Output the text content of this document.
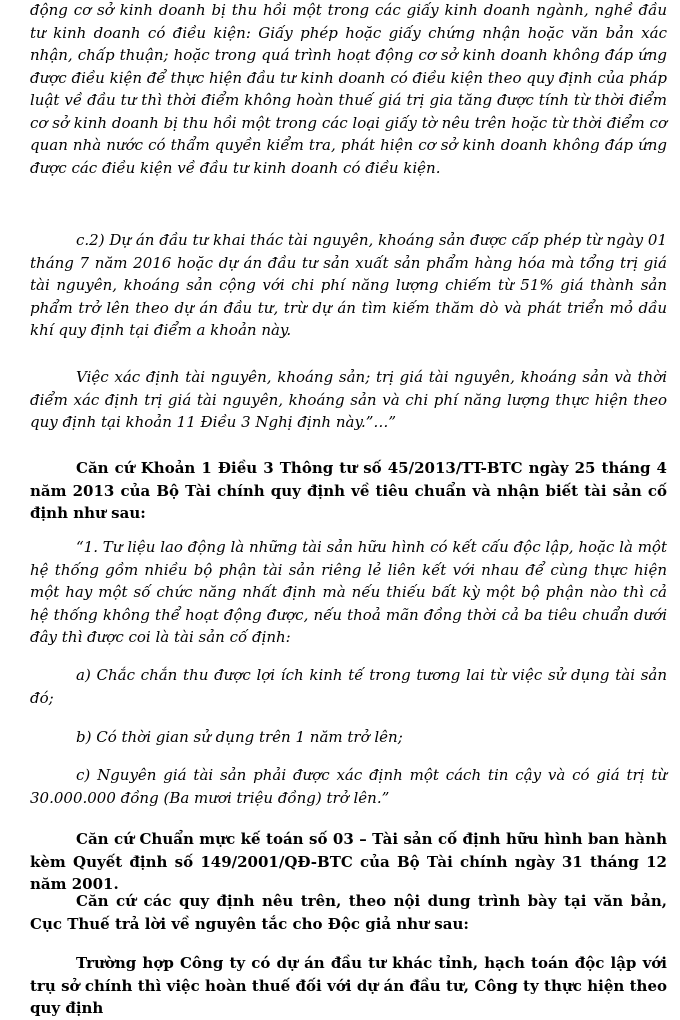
động cơ sở kinh doanh bị thu hồi một trong các giấy kinh doanh ngành, nghề đầu tư kinh doanh có điều kiện: Giấy phép hoặc giấy chứng nhận hoặc văn bản xác nhận, chấp thuận; hoặc trong quá trình hoạt động cơ sở kinh doanh không đáp ứng được điều kiện để thực hiện đầu tư kinh doanh có điều kiện theo quy định của pháp luật về đầu tư thì thời điểm không hoàn thuế giá trị gia tăng được tính từ thời điểm cơ sở kinh doanh bị thu hồi một trong các loại giấy tờ nêu trên hoặc từ thời điểm cơ quan nhà nước có thẩm quyền kiểm tra, phát hiện cơ sở kinh doanh không đáp ứng được các điều kiện về đầu tư kinh doanh có điều kiện.

c.2) Dự án đầu tư khai thác tài nguyên, khoáng sản được cấp phép từ ngày 01 tháng 7 năm 2016 hoặc dự án đầu tư sản xuất sản phẩm hàng hóa mà tổng trị giá tài nguyên, khoáng sản cộng với chi phí năng lượng chiếm từ 51% giá thành sản phẩm trở lên theo dự án đầu tư, trừ dự án tìm kiếm thăm dò và phát triển mỏ dầu khí quy định tại điểm a khoản này.

Việc xác định tài nguyên, khoáng sản; trị giá tài nguyên, khoáng sản và thời điểm xác định trị giá tài nguyên, khoáng sản và chi phí năng lượng thực hiện theo quy định tại khoản 11 Điều 3 Nghị định này.”…”

Căn cứ Khoản 1 Điều 3 Thông tư số 45/2013/TT-BTC ngày 25 tháng 4 năm 2013 của Bộ Tài chính quy định về tiêu chuẩn và nhận biết tài sản cố định như sau:

“1. Tư liệu lao động là những tài sản hữu hình có kết cấu độc lập, hoặc là một hệ thống gồm nhiều bộ phận tài sản riêng lẻ liên kết với nhau để cùng thực hiện một hay một số chức năng nhất định mà nếu thiếu bất kỳ một bộ phận nào thì cả hệ thống không thể hoạt động được, nếu thoả mãn đồng thời cả ba tiêu chuẩn dưới đây thì được coi là tài sản cố định:

a) Chắc chắn thu được lợi ích kinh tế trong tương lai từ việc sử dụng tài sản đó;

b) Có thời gian sử dụng trên 1 năm trở lên;

c) Nguyên giá tài sản phải được xác định một cách tin cậy và có giá trị từ 30.000.000 đồng (Ba mươi triệu đồng) trở lên.”

Căn cứ Chuẩn mực kế toán số 03 – Tài sản cố định hữu hình ban hành kèm Quyết định số 149/2001/QĐ-BTC của Bộ Tài chính ngày 31 tháng 12 năm 2001.

Căn cứ các quy định nêu trên, theo nội dung trình bày tại văn bản, Cục Thuế trả lời về nguyên tắc cho Độc giả như sau:

Trường hợp Công ty có dự án đầu tư khác tỉnh, hạch toán độc lập với trụ sở chính thì việc hoàn thuế đối với dự án đầu tư, Công ty thực hiện theo quy định
